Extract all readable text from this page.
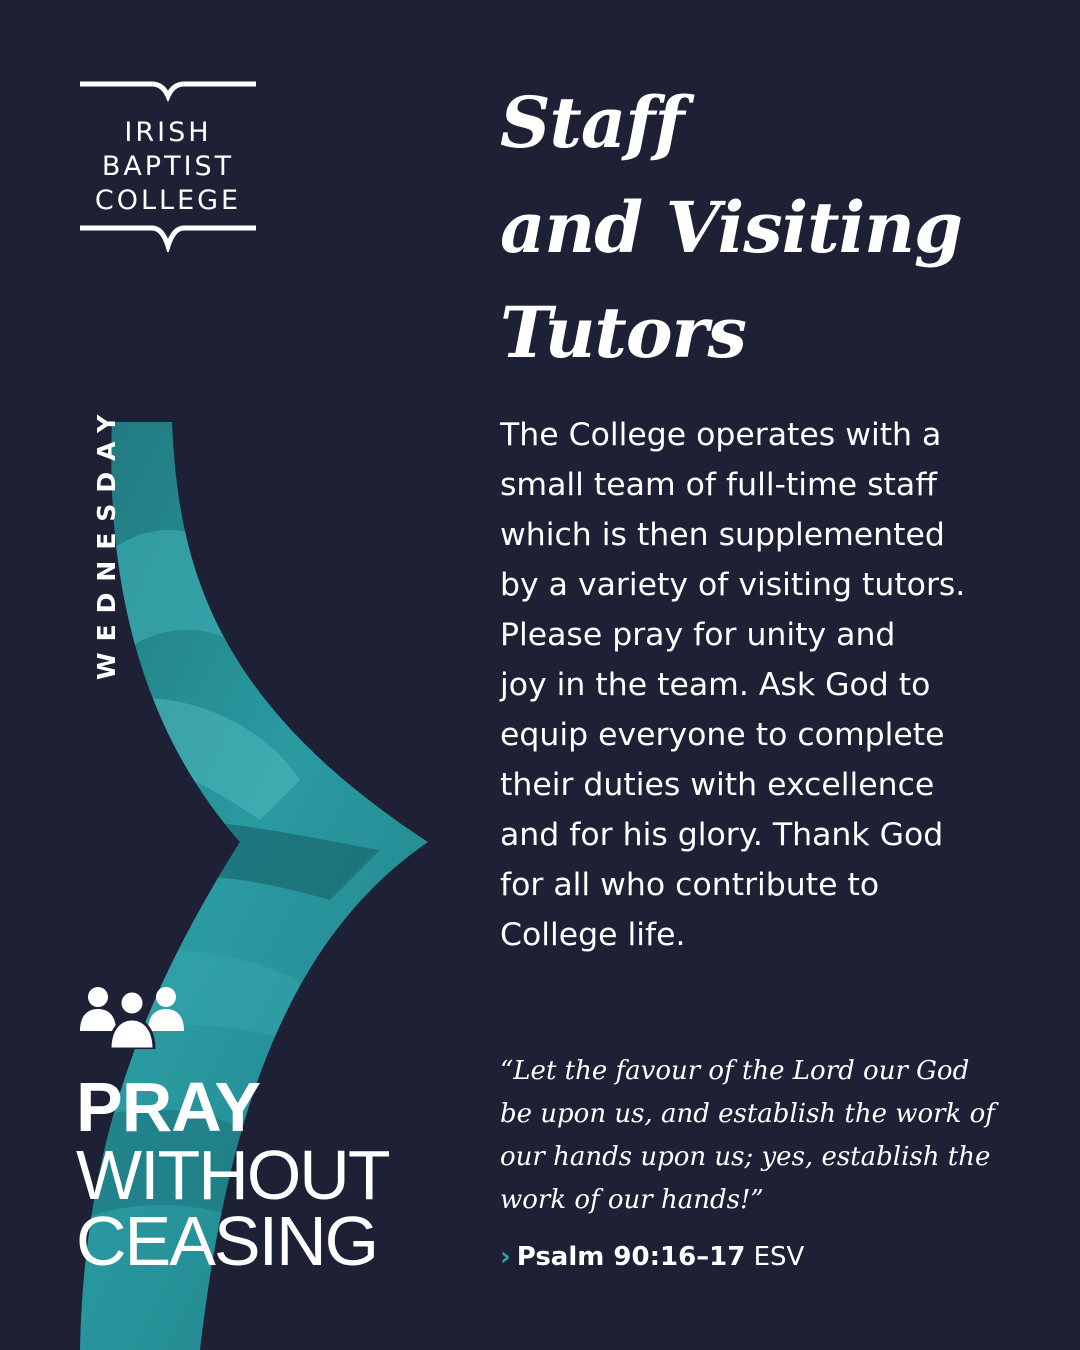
IRISH
BAPTIST
COLLEGE
WEDNESDAY
PRAY
WITHOUT
CEASING
Staff
and Visiting
Tutors
The College operates with a
small team of full-time staff
which is then supplemented
by a variety of visiting tutors.
Please pray for unity and
joy in the team. Ask God to
equip everyone to complete
their duties with excellence
and for his glory. Thank God
for all who contribute to
College life.
“Let the favour of the Lord our God
be upon us, and establish the work of
our hands upon us; yes, establish the
work of our hands!”
› Psalm 90:16–17 ESV
